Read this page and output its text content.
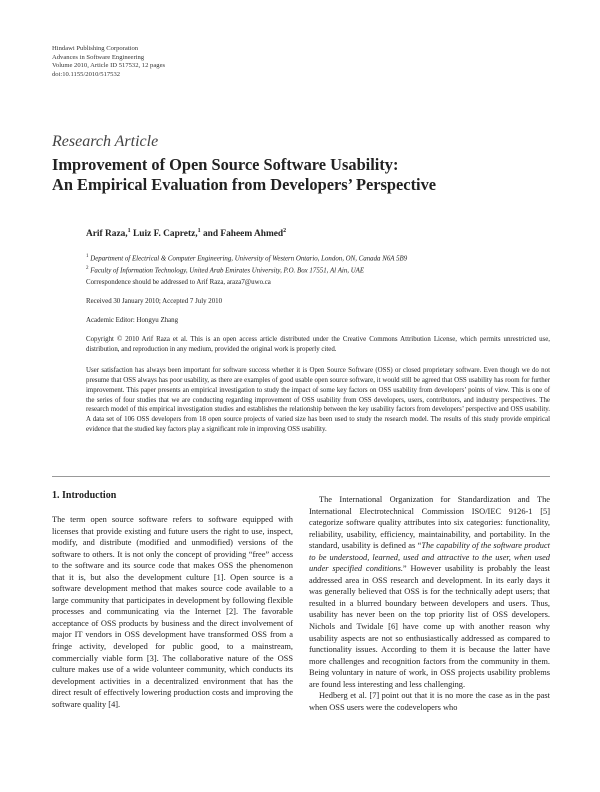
Hindawi Publishing Corporation
Advances in Software Engineering
Volume 2010, Article ID 517532, 12 pages
doi:10.1155/2010/517532
Research Article
Improvement of Open Source Software Usability:
An Empirical Evaluation from Developers’ Perspective
Arif Raza,$^1$ Luiz F. Capretz,$^1$ and Faheem Ahmed$^2$
$^1$ Department of Electrical & Computer Engineering, University of Western Ontario, London, ON, Canada N6A 5B9
$^2$ Faculty of Information Technology, United Arab Emirates University, P.O. Box 17551, Al Ain, UAE
Correspondence should be addressed to Arif Raza, araza7@uwo.ca
Received 30 January 2010; Accepted 7 July 2010
Academic Editor: Hongyu Zhang

Copyright © 2010 Arif Raza et al. This is an open access article distributed under the Creative Commons Attribution License, which permits unrestricted use, distribution, and reproduction in any medium, provided the original work is properly cited.

User satisfaction has always been important for software success whether it is Open Source Software (OSS) or closed proprietary software. Even though we do not presume that OSS always has poor usability, as there are examples of good usable open source software, it would still be agreed that OSS usability has room for further improvement. This paper presents an empirical investigation to study the impact of some key factors on OSS usability from developers’ points of view. This is one of the series of four studies that we are conducting regarding improvement of OSS usability from OSS developers, users, contributors, and industry perspectives. The research model of this empirical investigation studies and establishes the relationship between the key usability factors from developers’ perspective and OSS usability. A data set of 106 OSS developers from 18 open source projects of varied size has been used to study the research model. The results of this study provide empirical evidence that the studied key factors play a significant role in improving OSS usability.

1. Introduction

The term open source software refers to software equipped with licenses that provide existing and future users the right to use, inspect, modify, and distribute (modified and unmodified) versions of the software to others. It is not only the concept of providing “free” access to the software and its source code that makes OSS the phenomenon that it is, but also the development culture [1]. Open source is a software development method that makes source code available to a large community that participates in development by following flexible processes and communicating via the Internet [2]. The favorable acceptance of OSS products by business and the direct involvement of major IT vendors in OSS development have transformed OSS from a fringe activity, developed for public good, to a mainstream, commercially viable form [3]. The collaborative nature of the OSS culture makes use of a wide volunteer community, which conducts its development activities in a decentralized environment that has the direct result of effectively lowering production costs and improving the software quality [4].

The International Organization for Standardization and The International Electrotechnical Commission ISO/IEC 9126-1 [5] categorize software quality attributes into six categories: functionality, reliability, usability, efficiency, maintainability, and portability. In the standard, usability is defined as “The capability of the software product to be understood, learned, used and attractive to the user, when used under specified conditions.” However usability is probably the least addressed area in OSS research and development. In its early days it was generally believed that OSS is for the technically adept users; that resulted in a blurred boundary between developers and users. Thus, usability has never been on the top priority list of OSS developers. Nichols and Twidale [6] have come up with another reason why usability aspects are not so enthusiastically addressed as compared to functionality issues. According to them it is because the latter have more challenges and recognition factors from the community in them. Being voluntary in nature of work, in OSS projects usability problems are found less interesting and less challenging.

Hedberg et al. [7] point out that it is no more the case as in the past when OSS users were the codevelopers who
